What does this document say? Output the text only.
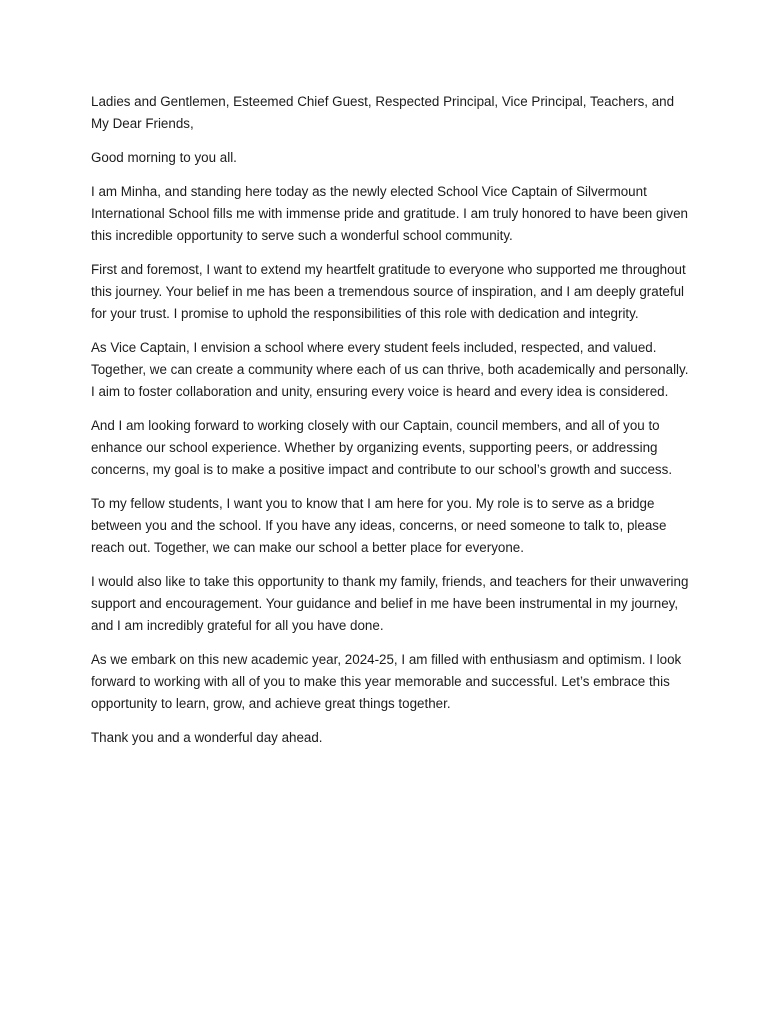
Ladies and Gentlemen, Esteemed Chief Guest, Respected Principal, Vice Principal, Teachers, and My Dear Friends,

Good morning to you all.

I am Minha, and standing here today as the newly elected School Vice Captain of Silvermount International School fills me with immense pride and gratitude. I am truly honored to have been given this incredible opportunity to serve such a wonderful school community.

First and foremost, I want to extend my heartfelt gratitude to everyone who supported me throughout this journey. Your belief in me has been a tremendous source of inspiration, and I am deeply grateful for your trust. I promise to uphold the responsibilities of this role with dedication and integrity.

As Vice Captain, I envision a school where every student feels included, respected, and valued. Together, we can create a community where each of us can thrive, both academically and personally. I aim to foster collaboration and unity, ensuring every voice is heard and every idea is considered.

And I am looking forward to working closely with our Captain, council members, and all of you to enhance our school experience. Whether by organizing events, supporting peers, or addressing concerns, my goal is to make a positive impact and contribute to our school’s growth and success.

To my fellow students, I want you to know that I am here for you. My role is to serve as a bridge between you and the school. If you have any ideas, concerns, or need someone to talk to, please reach out. Together, we can make our school a better place for everyone.

I would also like to take this opportunity to thank my family, friends, and teachers for their unwavering support and encouragement. Your guidance and belief in me have been instrumental in my journey, and I am incredibly grateful for all you have done.

As we embark on this new academic year, 2024-25, I am filled with enthusiasm and optimism. I look forward to working with all of you to make this year memorable and successful. Let’s embrace this opportunity to learn, grow, and achieve great things together.

Thank you and a wonderful day ahead.
